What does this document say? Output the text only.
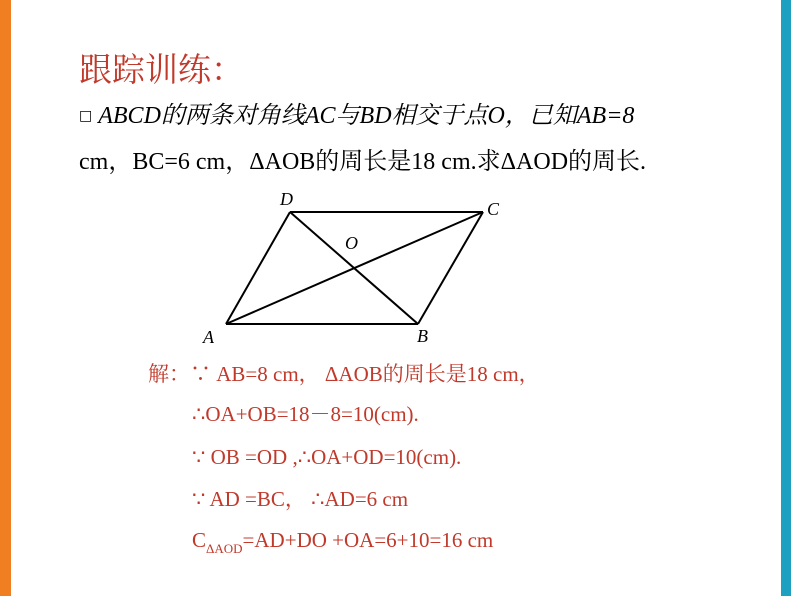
跟踪训练：
□ ABCD的两条对角线AC与BD相交于点O，已知AB=8
cm，BC=6 cm，ΔAOB的周长是18 cm.求ΔAOD的周长.
A	B
C
D
O
解：∵ AB=8 cm， ΔAOB的周长是18 cm，
∴OA+OB=18－8=10(cm).
∵ OB =OD ,∴OA+OD=10(cm).
∵ AD =BC， ∴AD=6 cm
$C_{\Delta AOD}=AD+DO +OA=6+10=16$ cm
